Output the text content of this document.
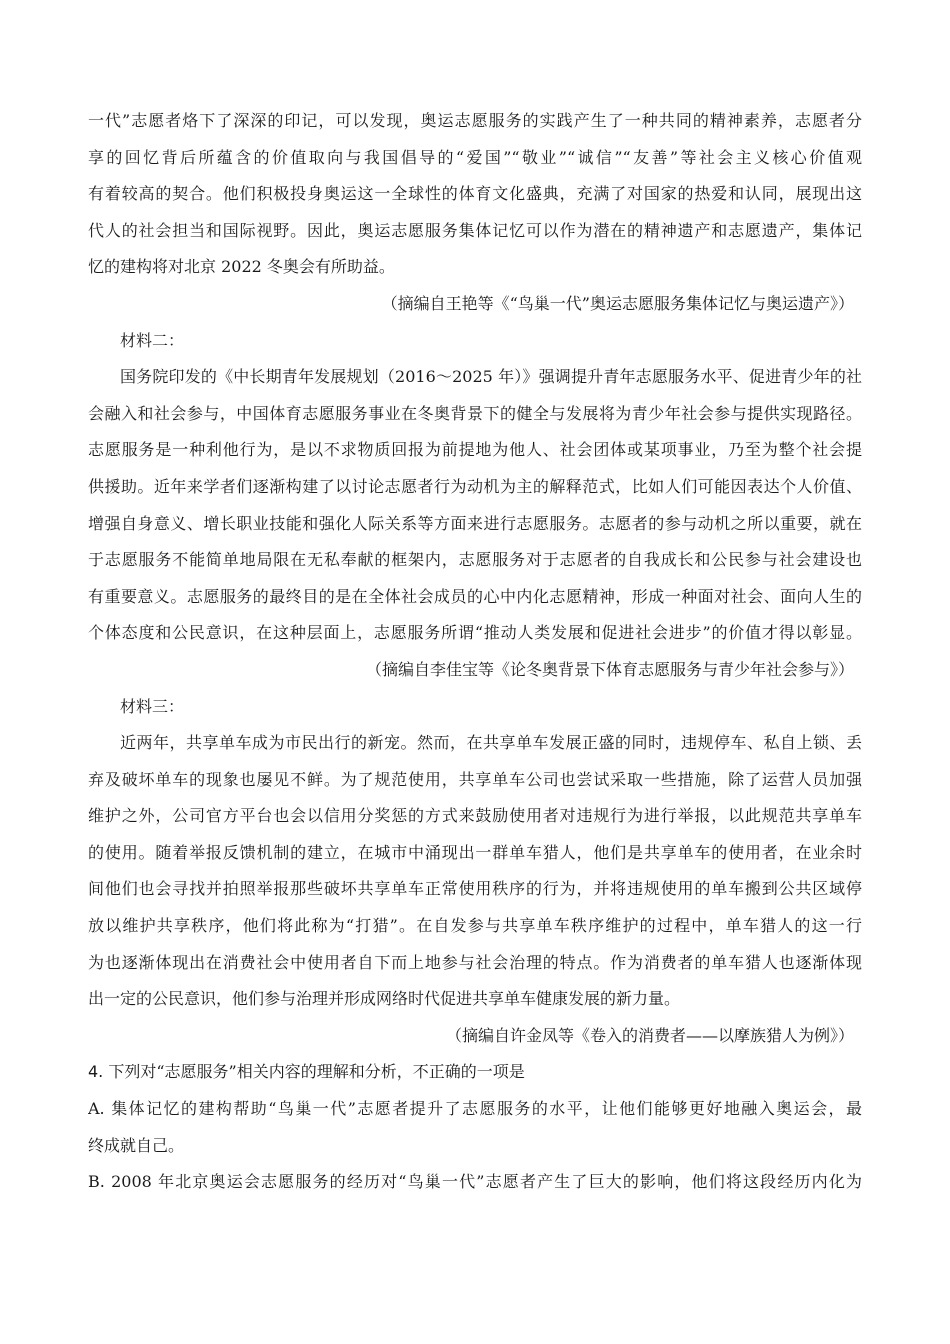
一代”志愿者烙下了深深的印记，可以发现，奥运志愿服务的实践产生了一种共同的精神素养，志愿者分
享的回忆背后所蕴含的价值取向与我国倡导的“爱国”“敬业”“诚信”“友善”等社会主义核心价值观
有着较高的契合。他们积极投身奥运这一全球性的体育文化盛典，充满了对国家的热爱和认同，展现出这
代人的社会担当和国际视野。因此，奥运志愿服务集体记忆可以作为潜在的精神遗产和志愿遗产，集体记
忆的建构将对北京 2022 冬奥会有所助益。
（摘编自王艳等《“鸟巢一代”奥运志愿服务集体记忆与奥运遗产》）
材料二：
国务院印发的《中长期青年发展规划（2016～2025 年）》强调提升青年志愿服务水平、促进青少年的社
会融入和社会参与，中国体育志愿服务事业在冬奥背景下的健全与发展将为青少年社会参与提供实现路径。
志愿服务是一种利他行为，是以不求物质回报为前提地为他人、社会团体或某项事业，乃至为整个社会提
供援助。近年来学者们逐渐构建了以讨论志愿者行为动机为主的解释范式，比如人们可能因表达个人价值、
增强自身意义、增长职业技能和强化人际关系等方面来进行志愿服务。志愿者的参与动机之所以重要，就在
于志愿服务不能简单地局限在无私奉献的框架内，志愿服务对于志愿者的自我成长和公民参与社会建设也
有重要意义。志愿服务的最终目的是在全体社会成员的心中内化志愿精神，形成一种面对社会、面向人生的
个体态度和公民意识，在这种层面上，志愿服务所谓“推动人类发展和促进社会进步”的价值才得以彰显。
（摘编自李佳宝等《论冬奥背景下体育志愿服务与青少年社会参与》）
材料三：
近两年，共享单车成为市民出行的新宠。然而，在共享单车发展正盛的同时，违规停车、私自上锁、丢
弃及破坏单车的现象也屡见不鲜。为了规范使用，共享单车公司也尝试采取一些措施，除了运营人员加强
维护之外，公司官方平台也会以信用分奖惩的方式来鼓励使用者对违规行为进行举报，以此规范共享单车
的使用。随着举报反馈机制的建立，在城市中涌现出一群单车猎人，他们是共享单车的使用者，在业余时
间他们也会寻找并拍照举报那些破坏共享单车正常使用秩序的行为，并将违规使用的单车搬到公共区域停
放以维护共享秩序，他们将此称为“打猎”。在自发参与共享单车秩序维护的过程中，单车猎人的这一行
为也逐渐体现出在消费社会中使用者自下而上地参与社会治理的特点。作为消费者的单车猎人也逐渐体现
出一定的公民意识，他们参与治理并形成网络时代促进共享单车健康发展的新力量。
（摘编自许金凤等《卷入的消费者——以摩族猎人为例》）
4. 下列对“志愿服务”相关内容的理解和分析，不正确的一项是
A. 集体记忆的建构帮助“鸟巢一代”志愿者提升了志愿服务的水平，让他们能够更好地融入奥运会，最
终成就自己。
B. 2008 年北京奥运会志愿服务的经历对“鸟巢一代”志愿者产生了巨大的影响，他们将这段经历内化为
